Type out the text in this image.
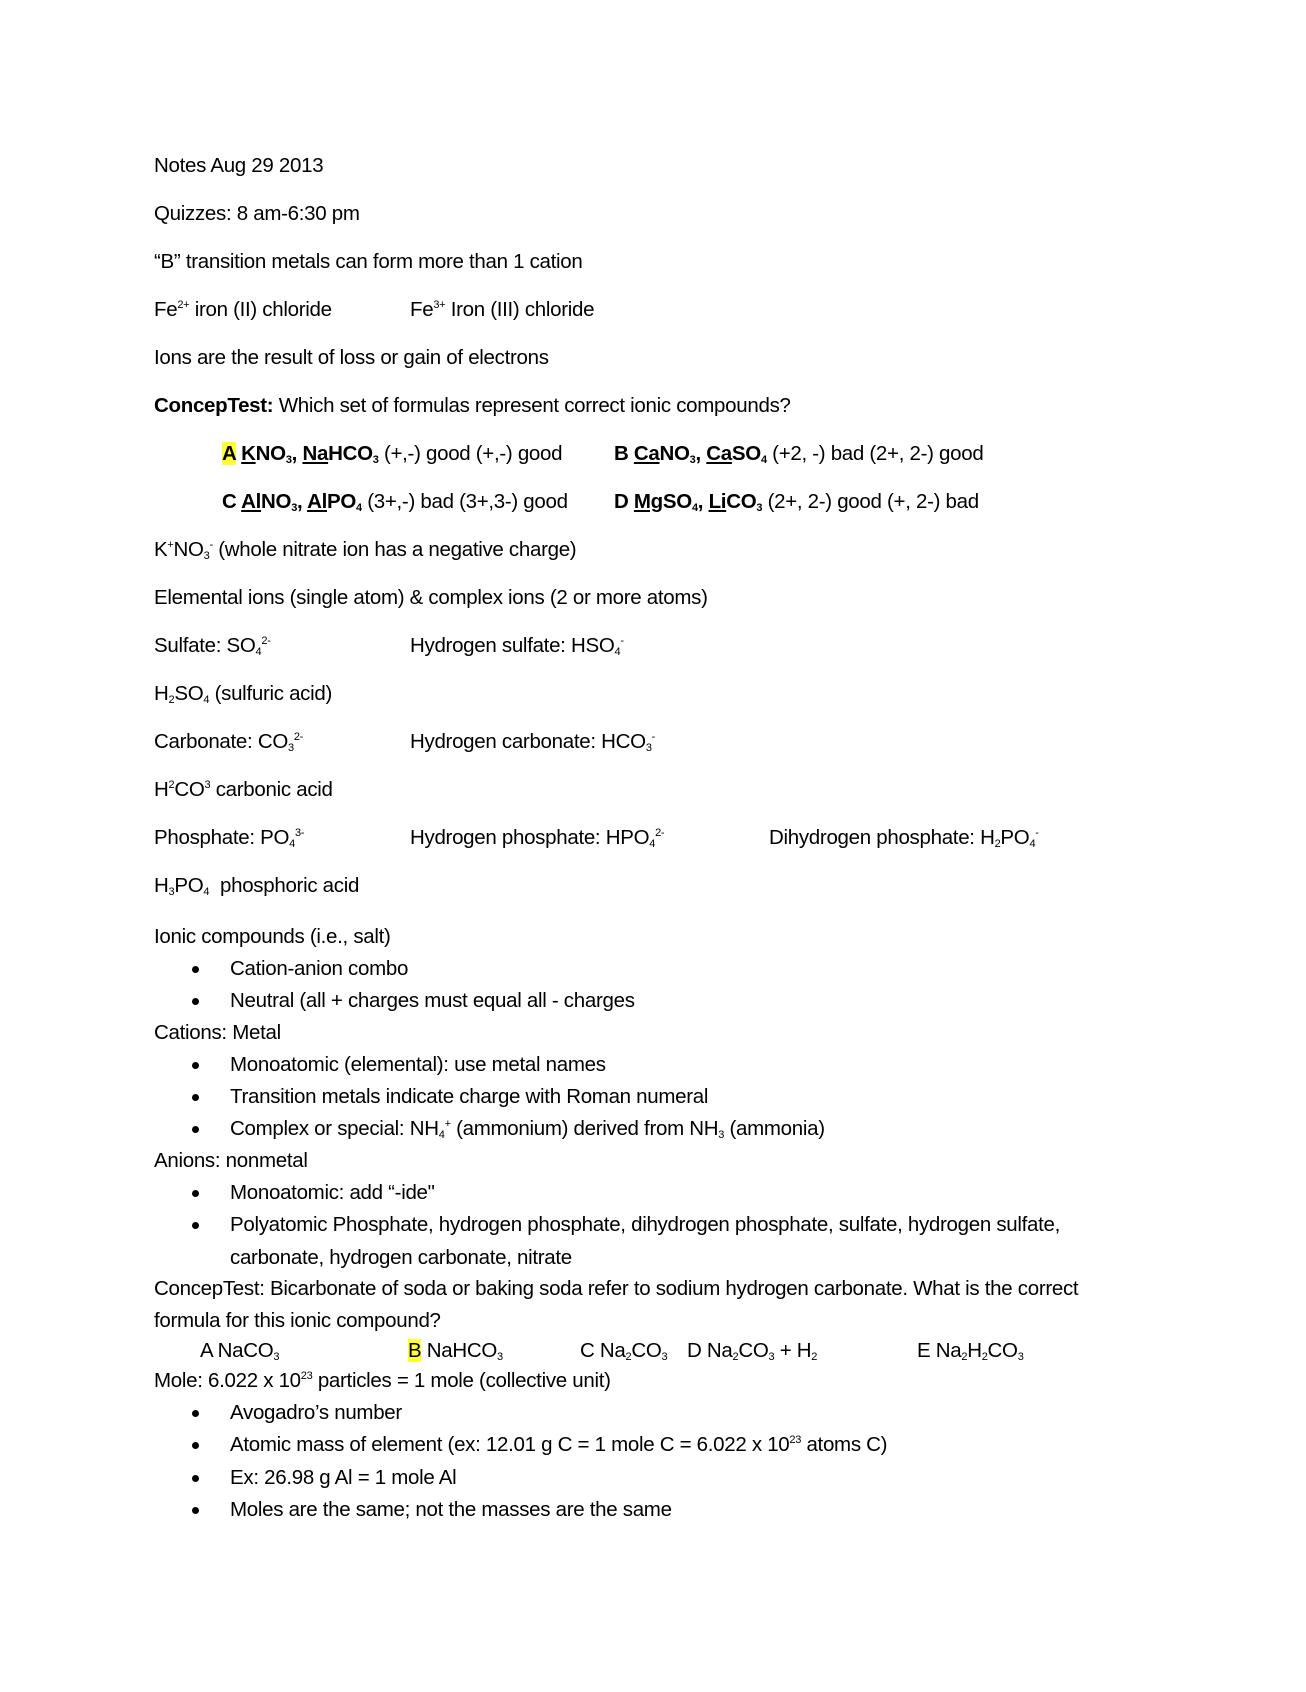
Notes Aug 29 2013
Quizzes: 8 am-6:30 pm
“B” transition metals can form more than 1 cation
$Fe^{2+}$ iron (II) chloride	$Fe^{3+}$ Iron (III) chloride
Ions are the result of loss or gain of electrons
ConcepTest: Which set of formulas represent correct ionic compounds?
A $KNO_3$, NaHCO$_3$ (+,-) good (+,-) good	B CaNO$_3$, CaSO$_4$ (+2, -) bad (2+, 2-) good
C AlNO$_3$, AlPO$_4$ (3+,-) bad (3+,3-) good D MgSO$_4$, LiCO$_3$ (2+, 2-) good (+, 2-) bad
$K^+NO_3^-$ (whole nitrate ion has a negative charge)
Elemental ions (single atom) & complex ions (2 or more atoms)
Sulfate: $SO_4^{2-}$	Hydrogen sulfate: $HSO_4^-$
$H_2SO_4$ (sulfuric acid)
Carbonate: $CO_3^{2-}$	Hydrogen carbonate: $HCO_3^-$
$H^2CO^3$ carbonic acid
Phosphate: $PO_4^{3-}$	Hydrogen phosphate: $HPO_4^{2-}$	Dihydrogen phosphate: $H_2PO_4^-$
$H_3PO_4$ phosphoric acid
Ionic compounds (i.e., salt)
Cation-anion combo
Neutral (all + charges must equal all - charges
Cations: Metal
Monoatomic (elemental): use metal names
Transition metals indicate charge with Roman numeral
Complex or special: $NH_4^+$ (ammonium) derived from $NH_3$ (ammonia)
Anions: nonmetal
Monoatomic: add “-ide"
Polyatomic Phosphate, hydrogen phosphate, dihydrogen phosphate, sulfate, hydrogen sulfate,
carbonate, hydrogen carbonate, nitrate
ConcepTest: Bicarbonate of soda or baking soda refer to sodium hydrogen carbonate. What is the correct
formula for this ionic compound?
A NaCO$_3$	B NaHCO$_3$	C $Na_2CO_3$ D $Na_2CO_3 + H_2$	E $Na_2H_2CO_3$
Mole: 6.022 x $10^{23}$ particles = 1 mole (collective unit)
Avogadro’s number
Atomic mass of element (ex: 12.01 g C = 1 mole C = 6.022 x $10^{23}$ atoms C)
Ex: 26.98 g Al = 1 mole Al
Moles are the same; not the masses are the same
